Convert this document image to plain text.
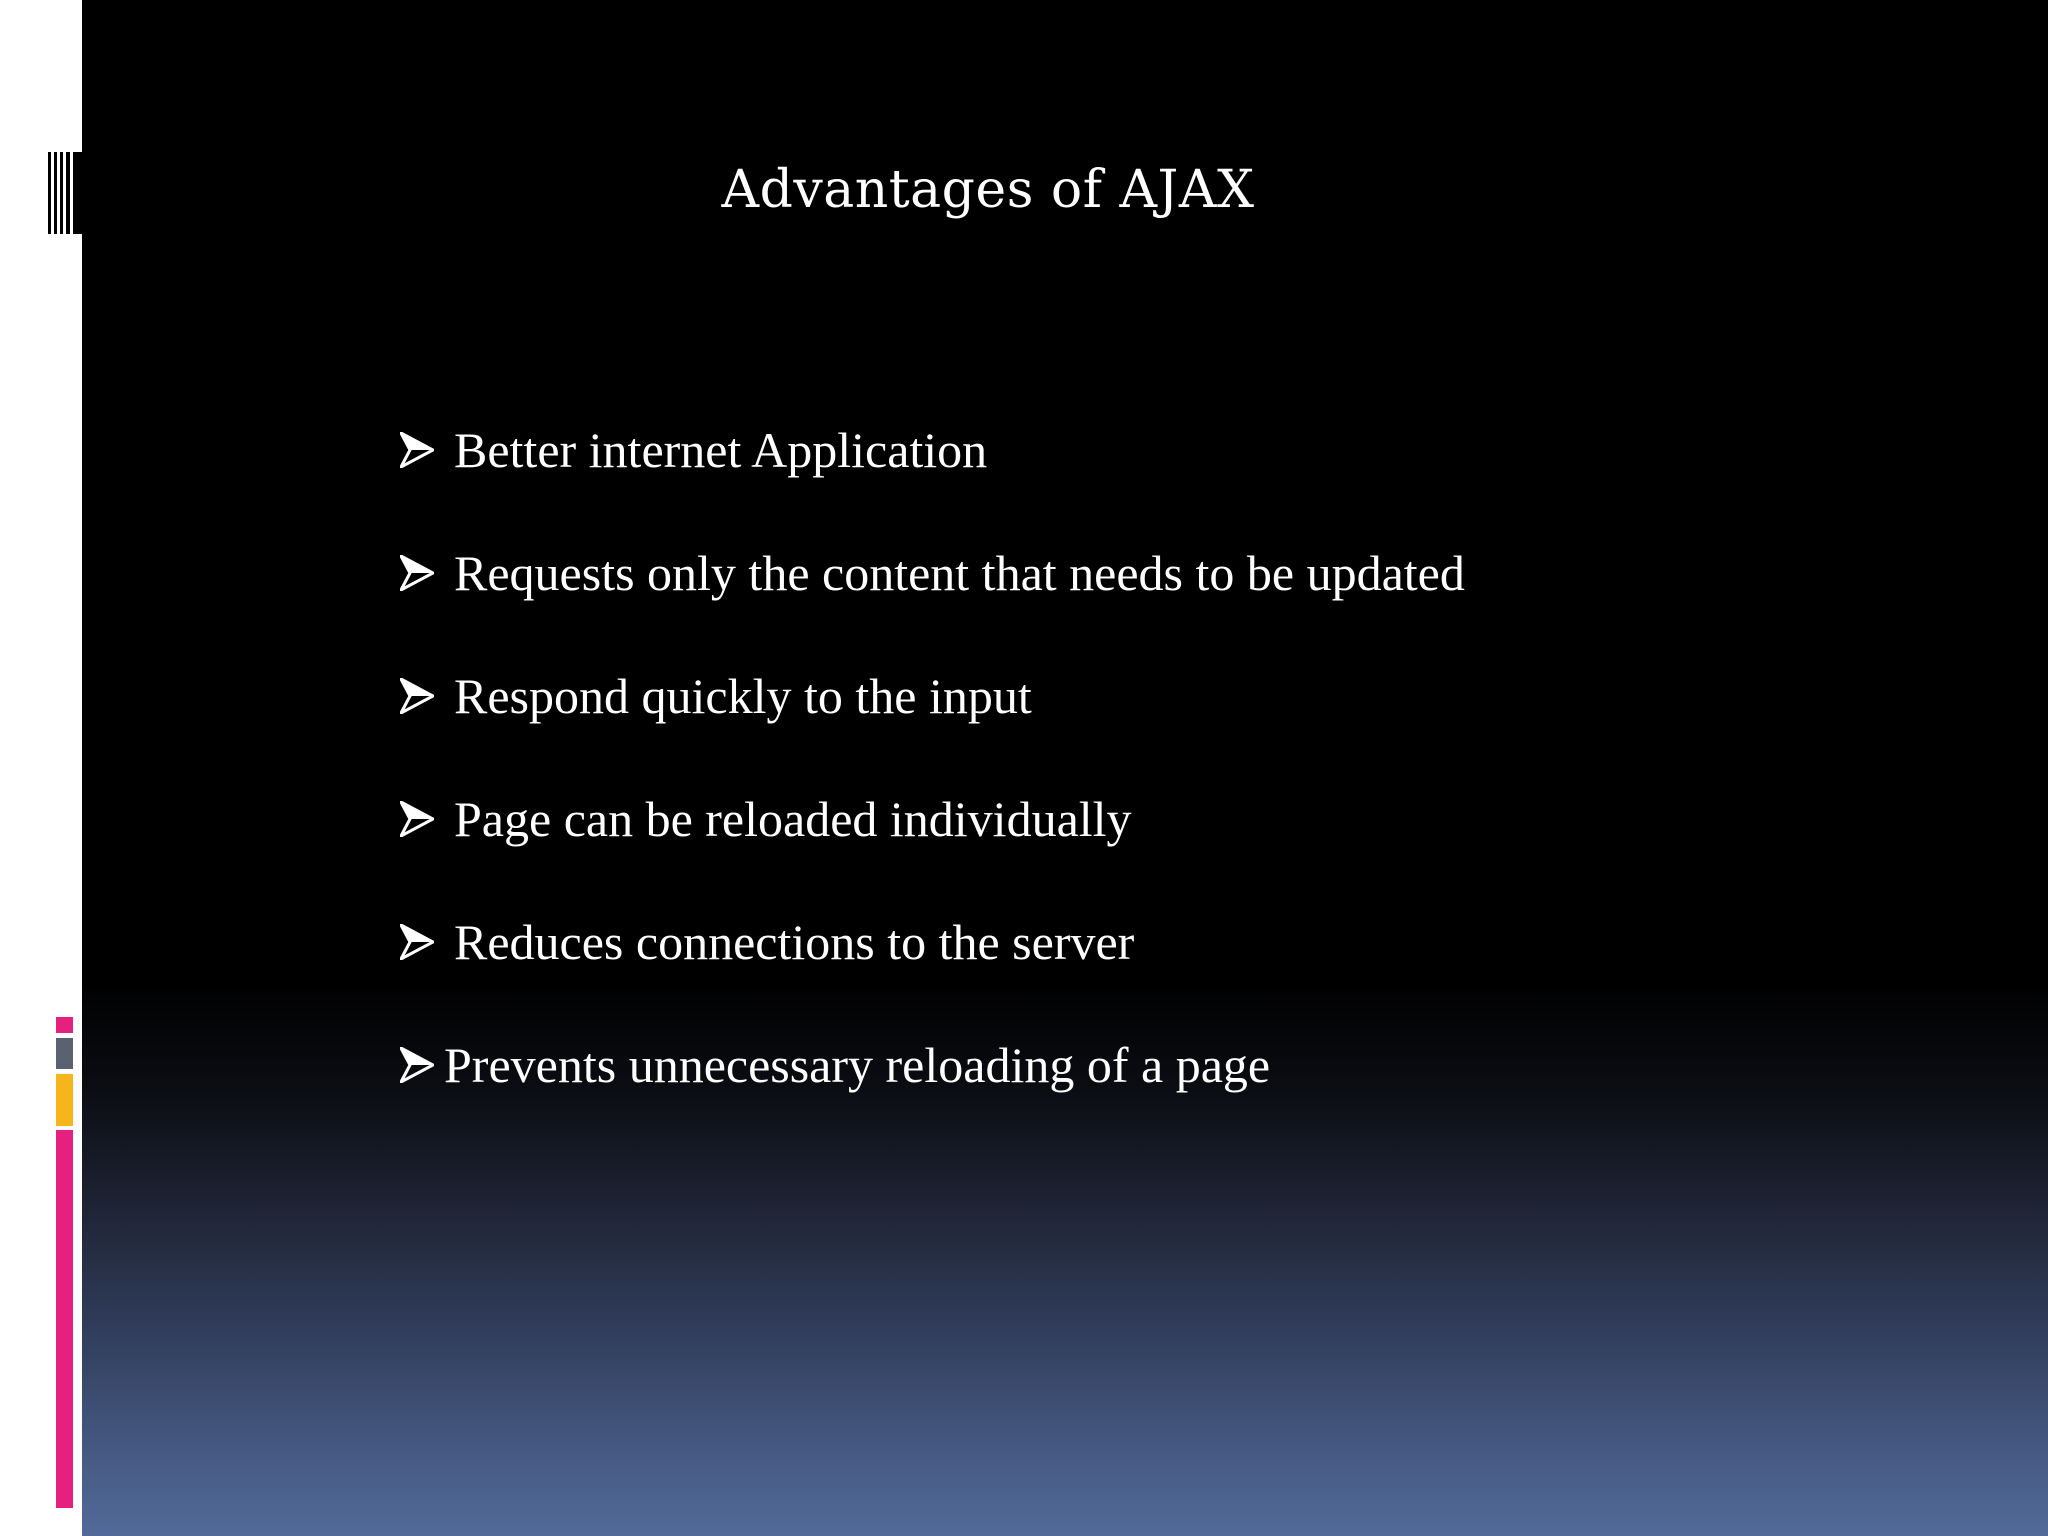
Advantages of AJAX
Better internet Application
Requests only the content that needs to be updated
Respond quickly to the input
Page can be reloaded individually
Reduces connections to the server
Prevents unnecessary reloading of a page
